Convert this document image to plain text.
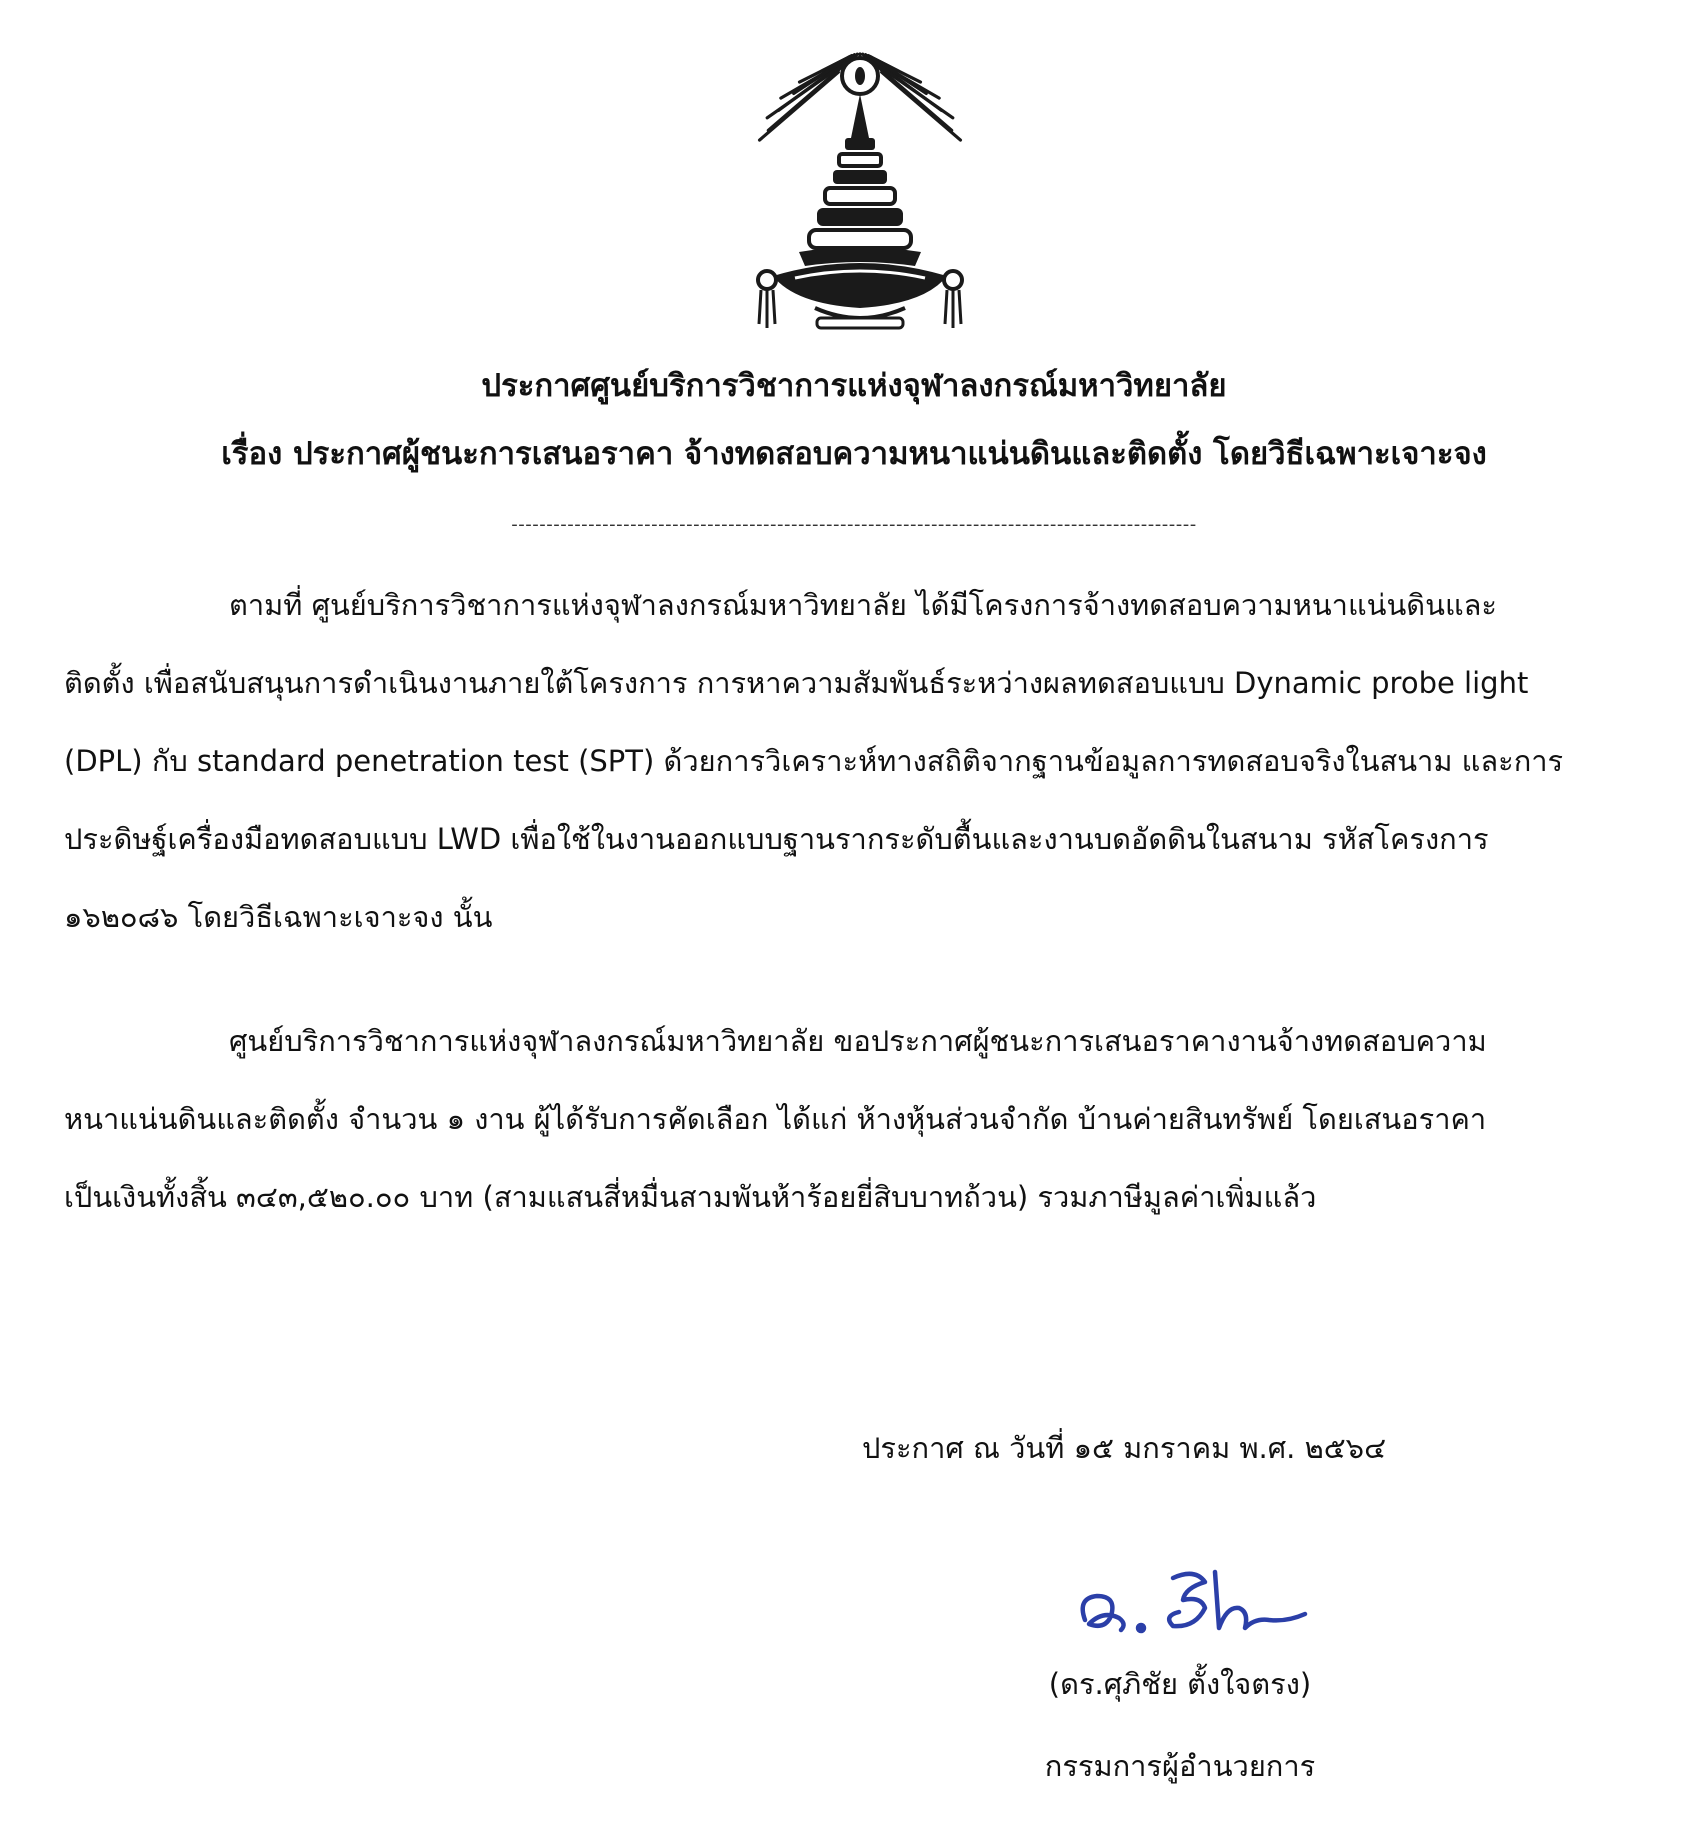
ประกาศศูนย์บริการวิชาการแห่งจุฬาลงกรณ์มหาวิทยาลัย
เรื่อง ประกาศผู้ชนะการเสนอราคา จ้างทดสอบความหนาแน่นดินและติดตั้ง โดยวิธีเฉพาะเจาะจง
--------------------------------------------------------------------------------------------------
ตามที่ ศูนย์บริการวิชาการแห่งจุฬาลงกรณ์มหาวิทยาลัย ได้มีโครงการจ้างทดสอบความหนาแน่นดินและ
ติดตั้ง เพื่อสนับสนุนการดำเนินงานภายใต้โครงการ การหาความสัมพันธ์ระหว่างผลทดสอบแบบ Dynamic probe light
(DPL) กับ standard penetration test (SPT) ด้วยการวิเคราะห์ทางสถิติจากฐานข้อมูลการทดสอบจริงในสนาม และการ
ประดิษฐ์เครื่องมือทดสอบแบบ LWD เพื่อใช้ในงานออกแบบฐานรากระดับตื้นและงานบดอัดดินในสนาม รหัสโครงการ
๑๖๒๐๘๖ โดยวิธีเฉพาะเจาะจง นั้น
ศูนย์บริการวิชาการแห่งจุฬาลงกรณ์มหาวิทยาลัย ขอประกาศผู้ชนะการเสนอราคางานจ้างทดสอบความ
หนาแน่นดินและติดตั้ง จำนวน ๑ งาน ผู้ได้รับการคัดเลือก ได้แก่ ห้างหุ้นส่วนจำกัด บ้านค่ายสินทรัพย์ โดยเสนอราคา
เป็นเงินทั้งสิ้น ๓๔๓,๕๒๐.๐๐ บาท (สามแสนสี่หมื่นสามพันห้าร้อยยี่สิบบาทถ้วน) รวมภาษีมูลค่าเพิ่มแล้ว
ประกาศ ณ วันที่ ๑๕ มกราคม พ.ศ. ๒๕๖๔
(ดร.ศุภิชัย ตั้งใจตรง)
กรรมการผู้อำนวยการ
